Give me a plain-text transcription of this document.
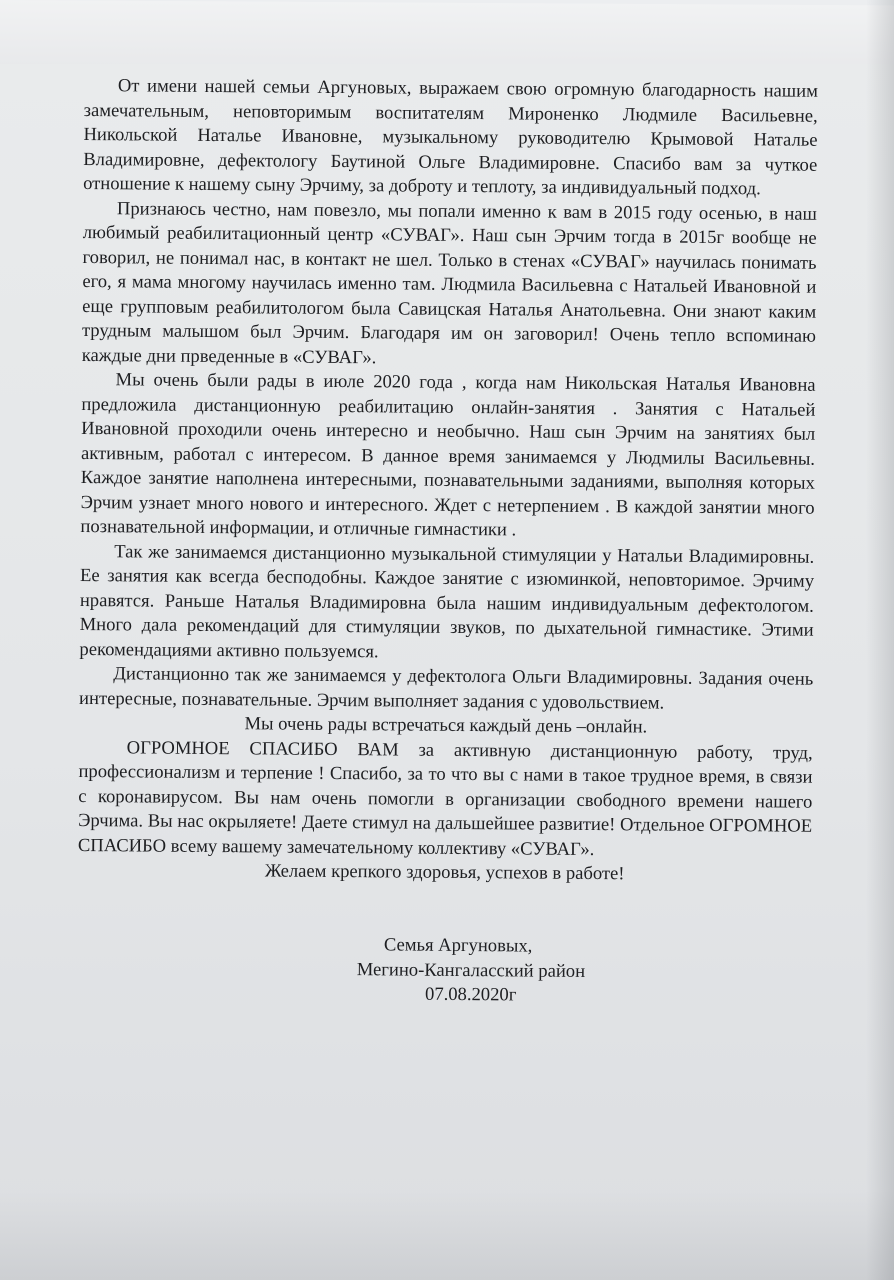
От имени нашей семьи Аргуновых, выражаем свою огромную благодарность нашим замечательным, неповторимым воспитателям Мироненко Людмиле Васильевне, Никольской Наталье Ивановне, музыкальному руководителю Крымовой Наталье Владимировне, дефектологу Баутиной Ольге Владимировне. Спасибо вам за чуткое отношение к нашему сыну Эрчиму, за доброту и теплоту, за индивидуальный подход.

Признаюсь честно, нам повезло, мы попали именно к вам в 2015 году осенью, в наш любимый реабилитационный центр «СУВАГ». Наш сын Эрчим тогда в 2015г вообще не говорил, не понимал нас, в контакт не шел. Только в стенах «СУВАГ» научилась понимать его, я мама многому научилась именно там. Людмила Васильевна с Натальей Ивановной и еще групповым реабилитологом была Савицская Наталья Анатольевна. Они знают каким трудным малышом был Эрчим. Благодаря им он заговорил! Очень тепло вспоминаю каждые дни прведенные в «СУВАГ».

Мы очень были рады в июле 2020 года , когда нам Никольская Наталья Ивановна предложила дистанционную реабилитацию онлайн-занятия . Занятия с Натальей Ивановной проходили очень интересно и необычно. Наш сын Эрчим на занятиях был активным, работал с интересом. В данное время занимаемся у Людмилы Васильевны. Каждое занятие наполнена интересными, познавательными заданиями, выполняя которых Эрчим узнает много нового и интересного. Ждет с нетерпением . В каждой занятии много познавательной информации, и отличные гимнастики .

Так же занимаемся дистанционно музыкальной стимуляции у Натальи Владимировны. Ее занятия как всегда бесподобны. Каждое занятие с изюминкой, неповторимое. Эрчиму нравятся. Раньше Наталья Владимировна была нашим индивидуальным дефектологом. Много дала рекомендаций для стимуляции звуков, по дыхательной гимнастике. Этими рекомендациями активно пользуемся.

Дистанционно так же занимаемся у дефектолога Ольги Владимировны. Задания очень интересные, познавательные. Эрчим выполняет задания с удовольствием.

Мы очень рады встречаться каждый день –онлайн.

ОГРОМНОЕ СПАСИБО ВАМ за активную дистанционную работу, труд, профессионализм и терпение ! Спасибо, за то что вы с нами в такое трудное время, в связи с коронавирусом. Вы нам очень помогли в организации свободного времени нашего Эрчима. Вы нас окрыляете! Даете стимул на дальшейшее развитие! Отдельное ОГРОМНОЕ СПАСИБО всему вашему замечательному коллективу «СУВАГ».

Желаем крепкого здоровья, успехов в работе!

Семья Аргуновых,
Мегино-Кангаласский район
07.08.2020г
